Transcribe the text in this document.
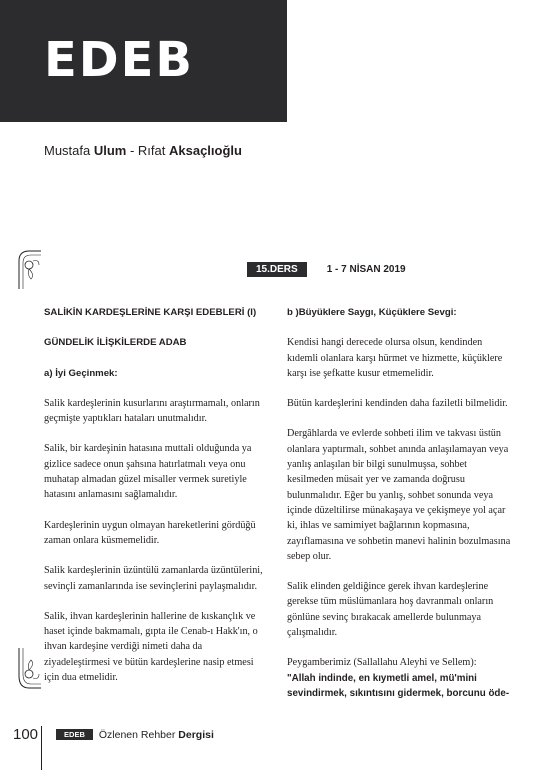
EDEB
Mustafa Ulum - Rıfat Aksaçlıoğlu
15.DERS	1 - 7 NİSAN 2019

SALİKİN KARDEŞLERİNE KARŞI EDEBLERİ (I)

GÜNDELİK İLİŞKİLERDE ADAB

a) İyi Geçinmek:

Salik kardeşlerinin kusurlarını araştırmamalı, onların geçmişte yaptıkları hataları unutmalıdır.

Salik, bir kardeşinin hatasına muttali olduğunda ya gizlice sadece onun şahsına hatırlatmalı veya onu muhatap almadan güzel misaller vermek suretiyle hatasını anlamasını sağlamalıdır.

Kardeşlerinin uygun olmayan hareketlerini gördüğü zaman onlara küsmemelidir.

Salik kardeşlerinin üzüntülü zamanlarda üzüntülerini, sevinçli zamanlarında ise sevinçlerini paylaşmalıdır.

Salik, ihvan kardeşlerinin hallerine de kıskançlık ve haset içinde bakmamalı, gıpta ile Cenab-ı Hakk'ın, o ihvan kardeşine verdiği nimeti daha da ziyadeleştirmesi ve bütün kardeşlerine nasip etmesi için dua etmelidir.

b )Büyüklere Saygı, Küçüklere Sevgi:

Kendisi hangi derecede olursa olsun, kendinden kıdemli olanlara karşı hürmet ve hizmette, küçüklere karşı ise şefkatte kusur etmemelidir.

Bütün kardeşlerini kendinden daha faziletli bilmelidir.

Dergâhlarda ve evlerde sohbeti ilim ve takvası üstün olanlara yaptırmalı, sohbet anında anlaşılamayan veya yanlış anlaşılan bir bilgi sunulmuşsa, sohbet kesilmeden müsait yer ve zamanda doğrusu bulunmalıdır. Eğer bu yanlış, sohbet sonunda veya içinde düzeltilirse münakaşaya ve çekişmeye yol açar ki, ihlas ve samimiyet bağlarının kopmasına, zayıflamasına ve sohbetin manevi halinin bozulmasına sebep olur.

Salik elinden geldiğince gerek ihvan kardeşlerine gerekse tüm müslümanlara hoş davranmalı onların gönlüne sevinç bırakacak amellerde bulunmaya çalışmalıdır.

Peygamberimiz (Sallallahu Aleyhi ve Sellem):
"Allah indinde, en kıymetli amel, mü'mini sevindirmek, sıkıntısını gidermek, borcunu öde-

100	EDEB	Özlenen Rehber Dergisi
